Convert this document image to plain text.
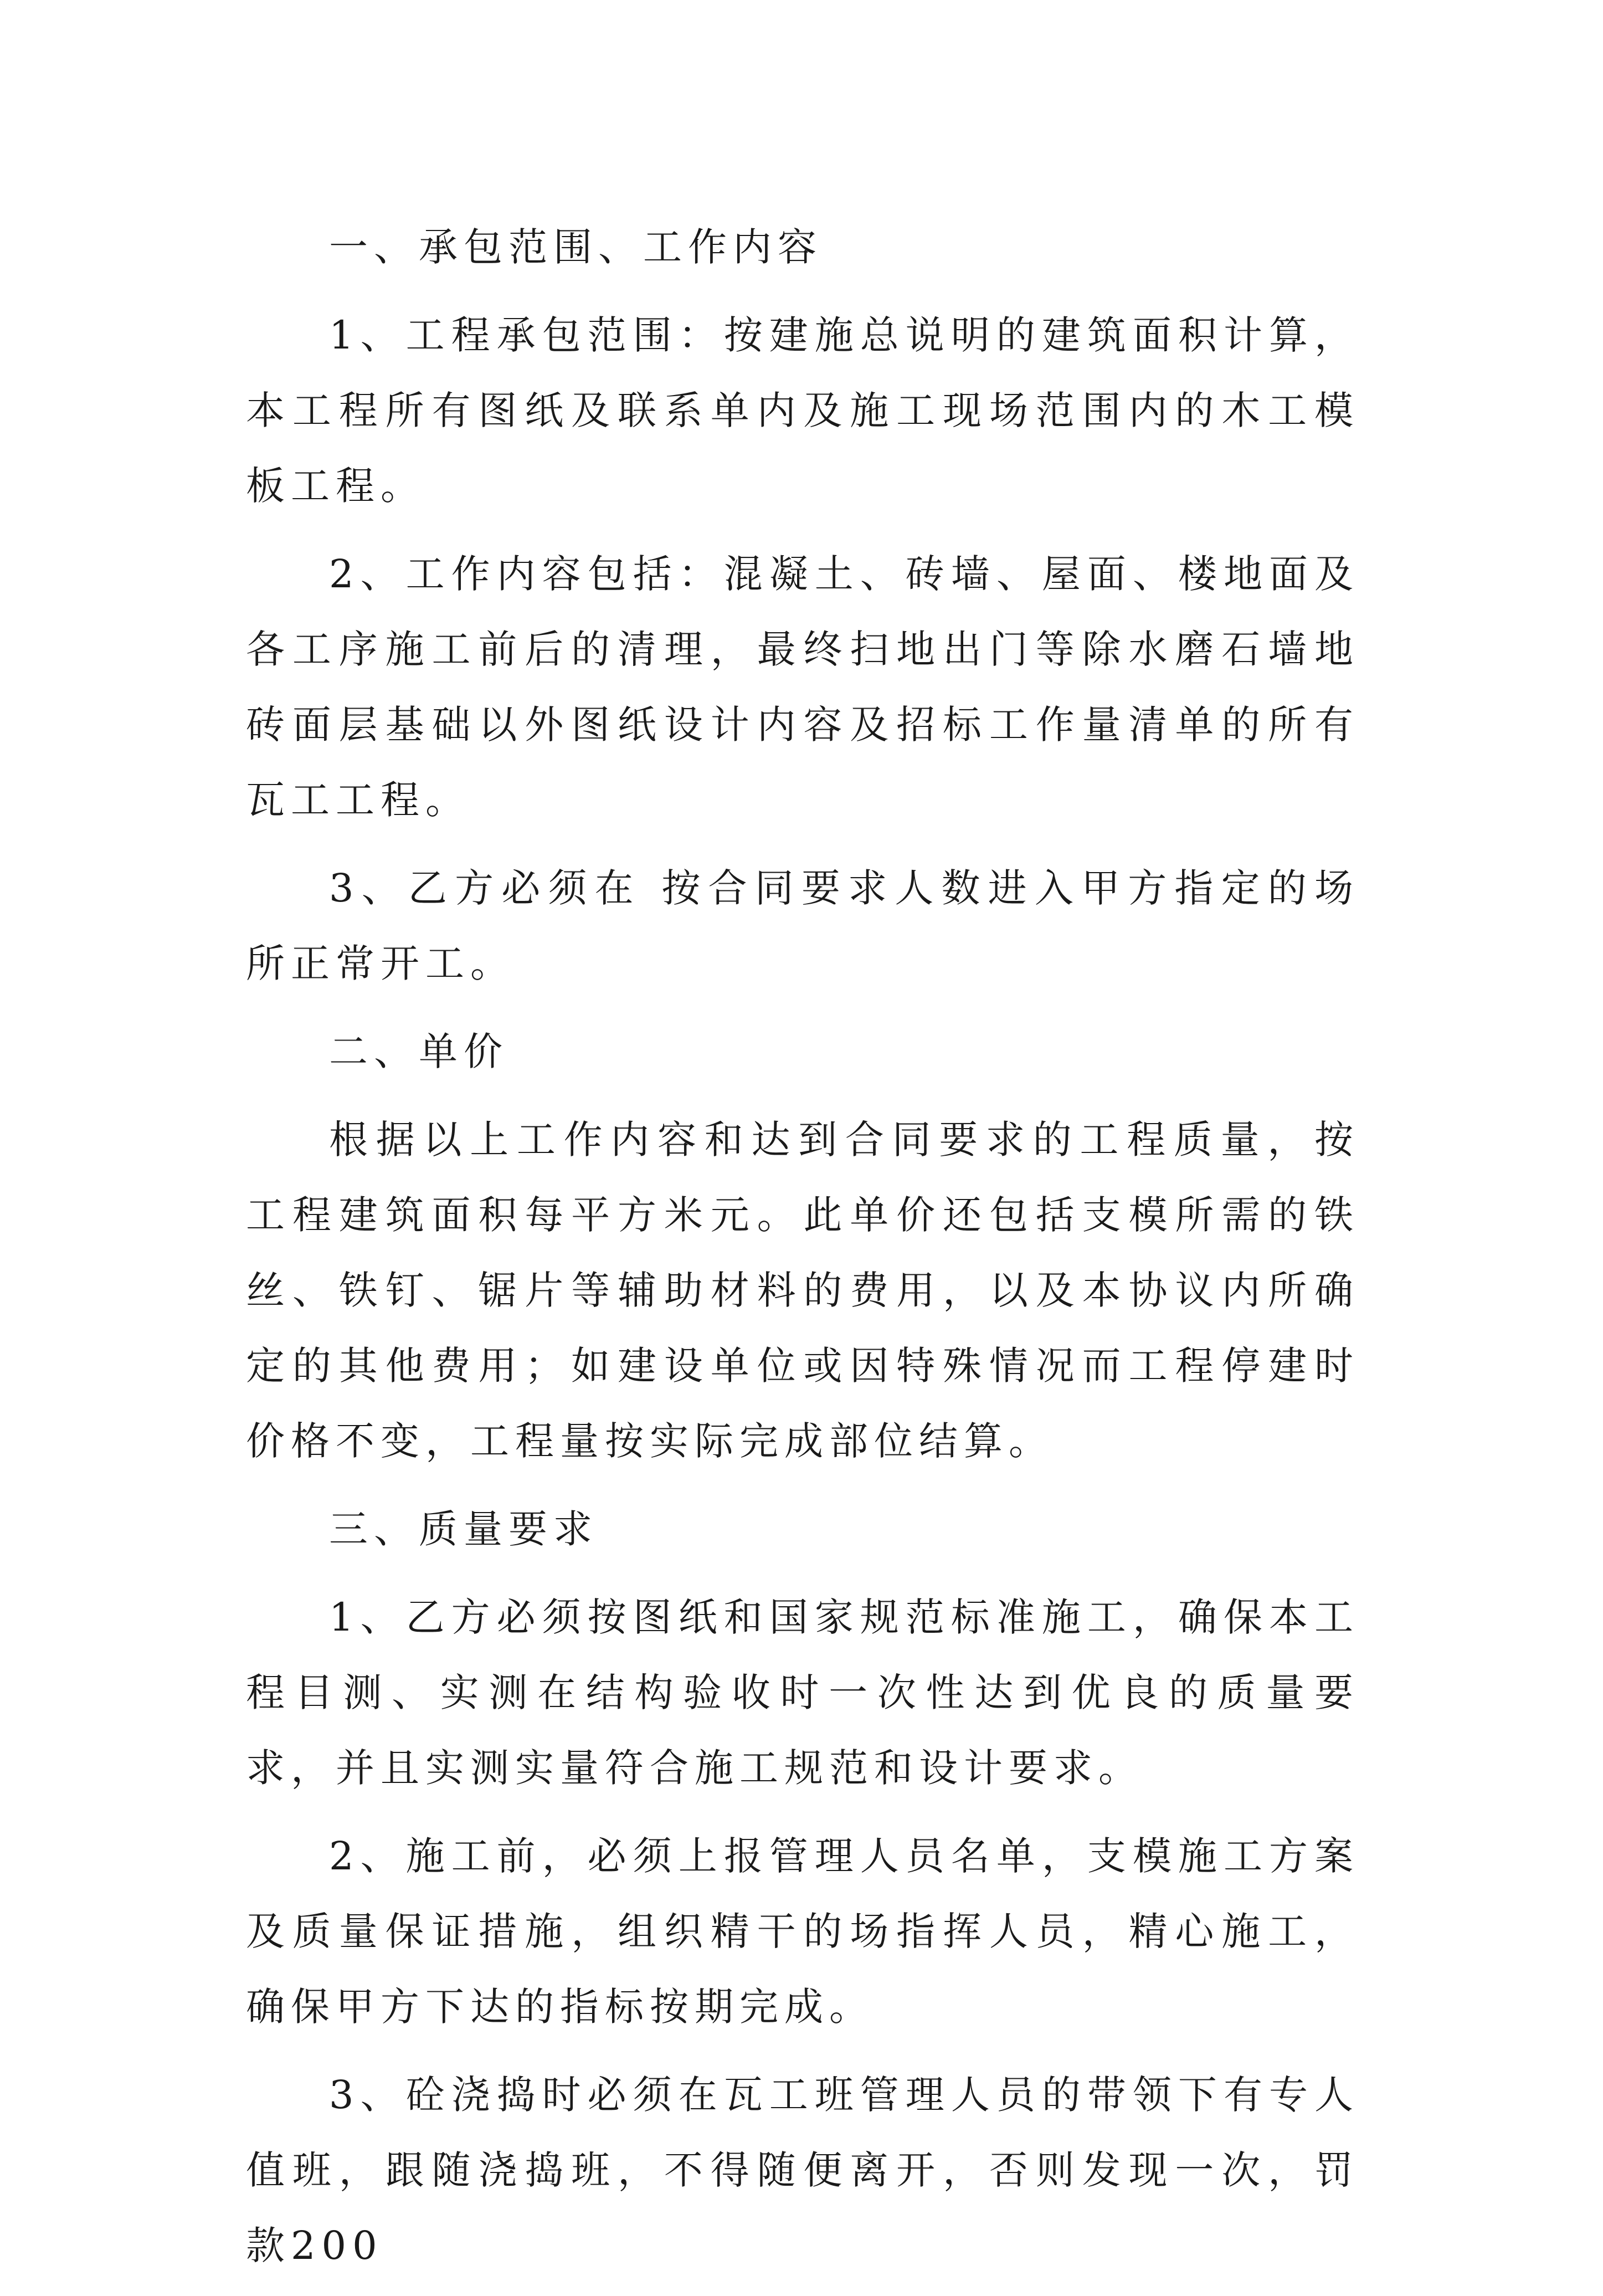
一、承包范围、工作内容

1、工程承包范围：按建施总说明的建筑面积计算，本工程所有图纸及联系单内及施工现场范围内的木工模板工程。

2、工作内容包括：混凝土、砖墙、屋面、楼地面及各工序施工前后的清理，最终扫地出门等除水磨石墙地砖面层基础以外图纸设计内容及招标工作量清单的所有瓦工工程。

3、乙方必须在 按合同要求人数进入甲方指定的场所正常开工。

二、单价

根据以上工作内容和达到合同要求的工程质量，按工程建筑面积每平方米元。此单价还包括支模所需的铁丝、铁钉、锯片等辅助材料的费用，以及本协议内所确定的其他费用；如建设单位或因特殊情况而工程停建时价格不变，工程量按实际完成部位结算。

三、质量要求

1、乙方必须按图纸和国家规范标准施工，确保本工程目测、实测在结构验收时一次性达到优良的质量要求，并且实测实量符合施工规范和设计要求。

2、施工前，必须上报管理人员名单，支模施工方案及质量保证措施，组织精干的场指挥人员，精心施工，确保甲方下达的指标按期完成。

3、砼浇捣时必须在瓦工班管理人员的带领下有专人值班，跟随浇捣班，不得随便离开，否则发现一次，罚款200
